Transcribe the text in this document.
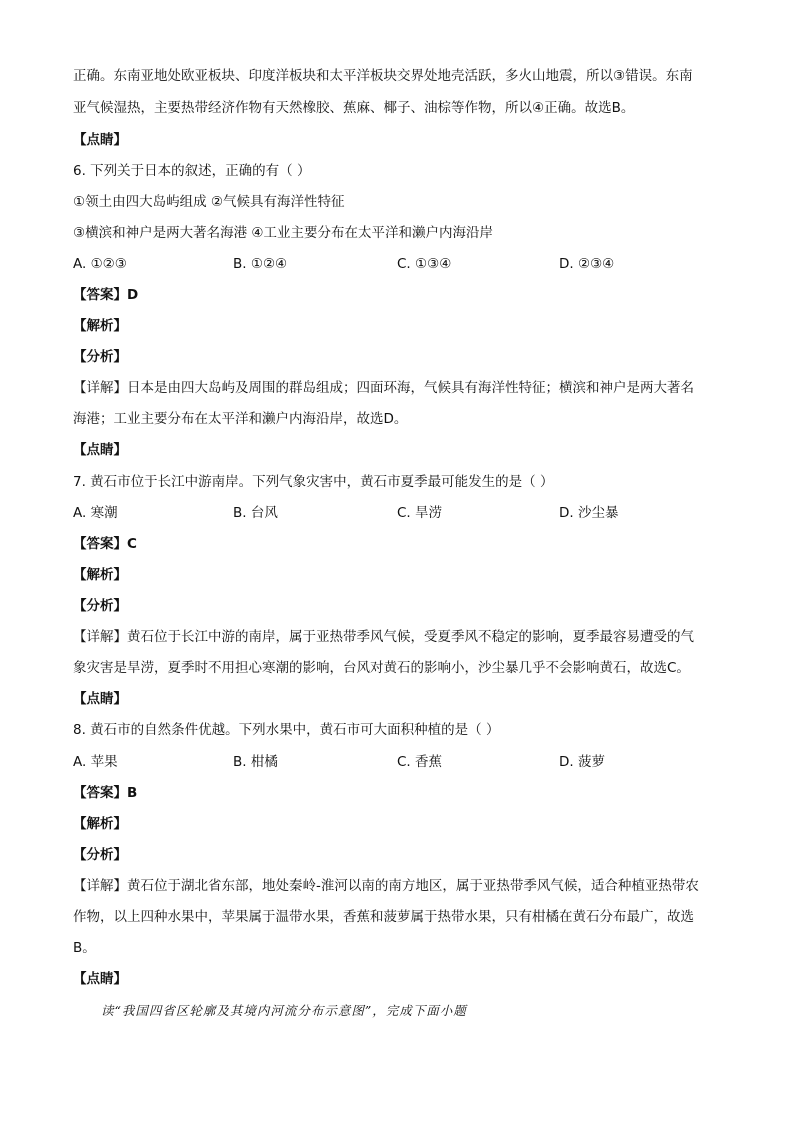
正确。东南亚地处欧亚板块、印度洋板块和太平洋板块交界处地壳活跃，多火山地震，所以③错误。东南
亚气候湿热，主要热带经济作物有天然橡胶、蕉麻、椰子、油棕等作物，所以④正确。故选B。
【点睛】
6. 下列关于日本的叙述，正确的有（ ）
①领土由四大岛屿组成 ②气候具有海洋性特征
③横滨和神户是两大著名海港 ④工业主要分布在太平洋和濑户内海沿岸
A. ①②③	B. ①②④	C. ①③④	D. ②③④
【答案】D
【解析】
【分析】
【详解】日本是由四大岛屿及周围的群岛组成；四面环海，气候具有海洋性特征；横滨和神户是两大著名
海港；工业主要分布在太平洋和濑户内海沿岸，故选D。
【点睛】
7. 黄石市位于长江中游南岸。下列气象灾害中，黄石市夏季最可能发生的是（ ）
A. 寒潮	B. 台风	C. 旱涝	D. 沙尘暴
【答案】C
【解析】
【分析】
【详解】黄石位于长江中游的南岸，属于亚热带季风气候，受夏季风不稳定的影响，夏季最容易遭受的气
象灾害是旱涝，夏季时不用担心寒潮的影响，台风对黄石的影响小，沙尘暴几乎不会影响黄石，故选C。
【点睛】
8. 黄石市的自然条件优越。下列水果中，黄石市可大面积种植的是（ ）
A. 苹果	B. 柑橘	C. 香蕉	D. 菠萝
【答案】B
【解析】
【分析】
【详解】黄石位于湖北省东部，地处秦岭-淮河以南的南方地区，属于亚热带季风气候，适合种植亚热带农
作物，以上四种水果中，苹果属于温带水果，香蕉和菠萝属于热带水果，只有柑橘在黄石分布最广，故选
B。
【点睛】
读“我国四省区轮廓及其境内河流分布示意图”，完成下面小题
